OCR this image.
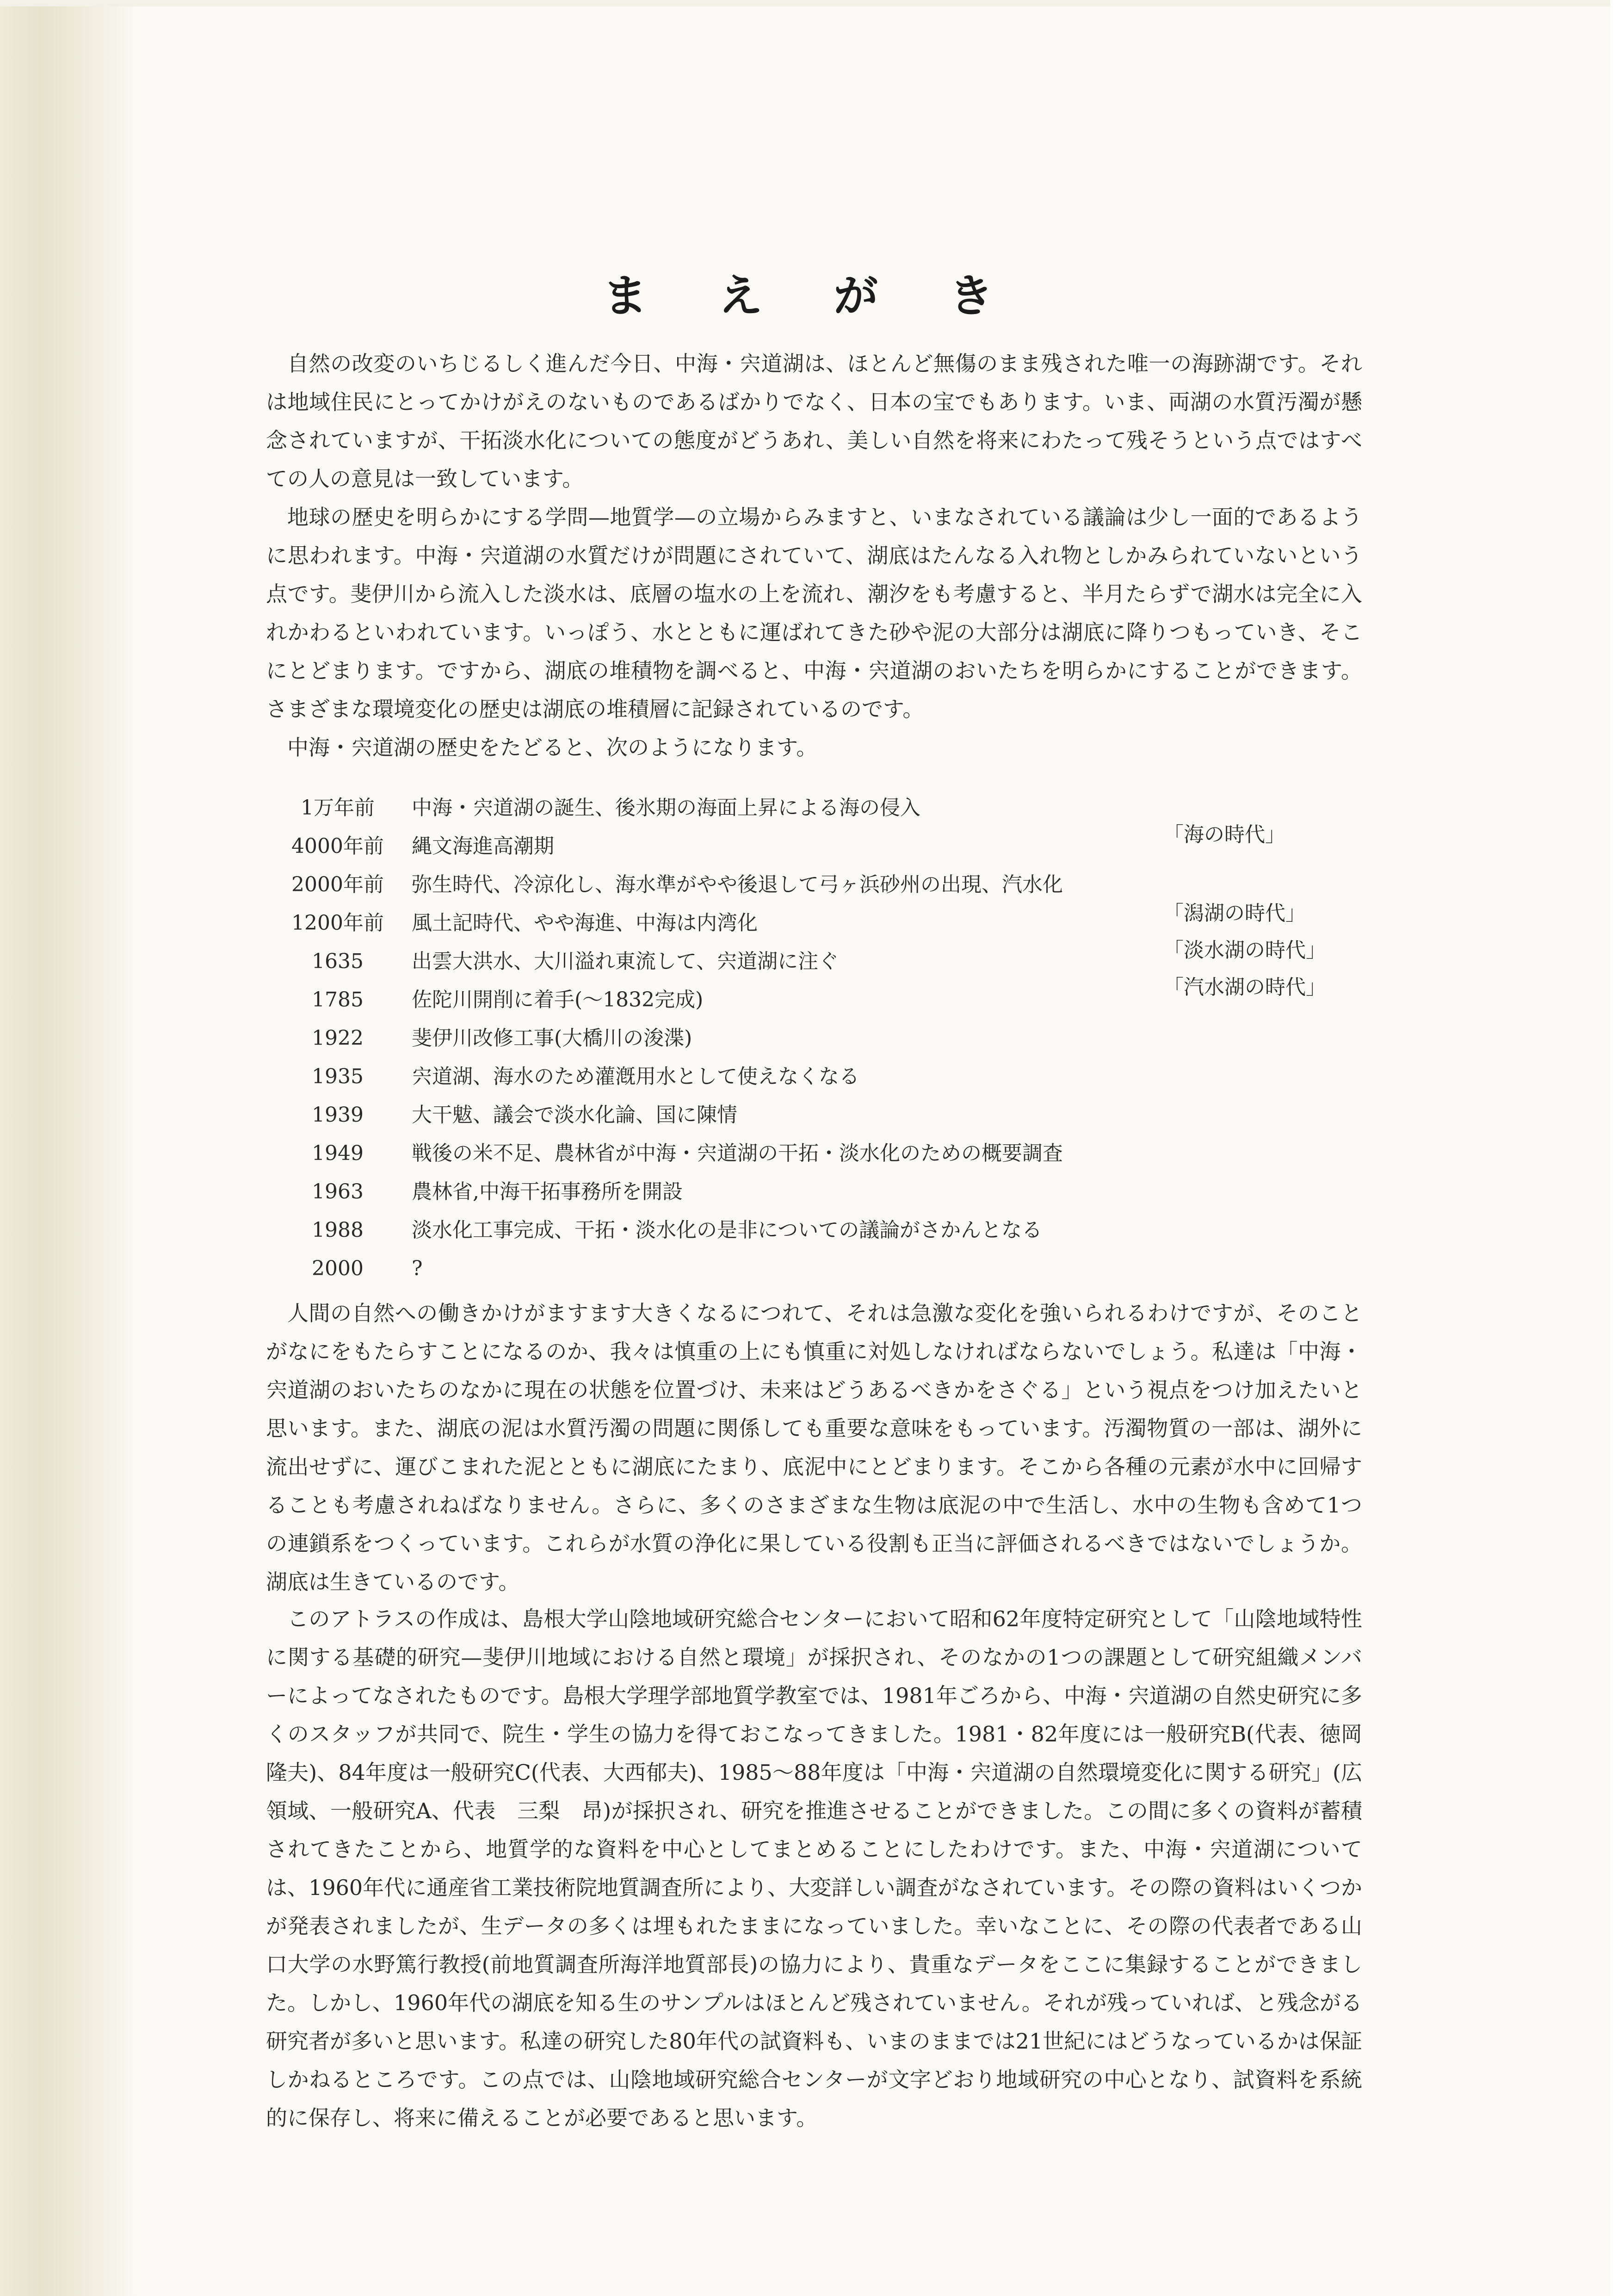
ま え が き

自然の改変のいちじるしく進んだ今日、中海・宍道湖は、ほとんど無傷のまま残された唯一の海跡湖です。それは地域住民にとってかけがえのないものであるばかりでなく、日本の宝でもあります。いま、両湖の水質汚濁が懸念されていますが、干拓淡水化についての態度がどうあれ、美しい自然を将来にわたって残そうという点ではすべての人の意見は一致しています。

地球の歴史を明らかにする学問—地質学—の立場からみますと、いまなされている議論は少し一面的であるように思われます。中海・宍道湖の水質だけが問題にされていて、湖底はたんなる入れ物としかみられていないという点です。斐伊川から流入した淡水は、底層の塩水の上を流れ、潮汐をも考慮すると、半月たらずで湖水は完全に入れかわるといわれています。いっぽう、水とともに運ばれてきた砂や泥の大部分は湖底に降りつもっていき、そこにとどまります。ですから、湖底の堆積物を調べると、中海・宍道湖のおいたちを明らかにすることができます。さまざまな環境変化の歴史は湖底の堆積層に記録されているのです。

中海・宍道湖の歴史をたどると、次のようになります。

1万年前	中海・宍道湖の誕生、後氷期の海面上昇による海の侵入
4000年前	縄文海進高潮期
2000年前	弥生時代、冷涼化し、海水準がやや後退して弓ヶ浜砂州の出現、汽水化
1200年前	風土記時代、やや海進、中海は内湾化
1635	出雲大洪水、大川溢れ東流して、宍道湖に注ぐ
1785	佐陀川開削に着手(〜1832完成)
1922	斐伊川改修工事(大橋川の浚渫)
1935	宍道湖、海水のため灌漑用水として使えなくなる
1939	大干魃、議会で淡水化論、国に陳情
1949	戦後の米不足、農林省が中海・宍道湖の干拓・淡水化のための概要調査
1963	農林省,中海干拓事務所を開設
1988	淡水化工事完成、干拓・淡水化の是非についての議論がさかんとなる
2000	?
「海の時代」
「潟湖の時代」
「淡水湖の時代」
「汽水湖の時代」

人間の自然への働きかけがますます大きくなるにつれて、それは急激な変化を強いられるわけですが、そのことがなにをもたらすことになるのか、我々は慎重の上にも慎重に対処しなければならないでしょう。私達は「中海・宍道湖のおいたちのなかに現在の状態を位置づけ、未来はどうあるべきかをさぐる」という視点をつけ加えたいと思います。また、湖底の泥は水質汚濁の問題に関係しても重要な意味をもっています。汚濁物質の一部は、湖外に流出せずに、運びこまれた泥とともに湖底にたまり、底泥中にとどまります。そこから各種の元素が水中に回帰することも考慮されねばなりません。さらに、多くのさまざまな生物は底泥の中で生活し、水中の生物も含めて1つの連鎖系をつくっています。これらが水質の浄化に果している役割も正当に評価されるべきではないでしょうか。湖底は生きているのです。

このアトラスの作成は、島根大学山陰地域研究総合センターにおいて昭和62年度特定研究として「山陰地域特性に関する基礎的研究—斐伊川地域における自然と環境」が採択され、そのなかの1つの課題として研究組織メンバーによってなされたものです。島根大学理学部地質学教室では、1981年ごろから、中海・宍道湖の自然史研究に多くのスタッフが共同で、院生・学生の協力を得ておこなってきました。1981・82年度には一般研究B(代表、徳岡隆夫)、84年度は一般研究C(代表、大西郁夫)、1985〜88年度は「中海・宍道湖の自然環境変化に関する研究」(広領域、一般研究A、代表　三梨　昂)が採択され、研究を推進させることができました。この間に多くの資料が蓄積されてきたことから、地質学的な資料を中心としてまとめることにしたわけです。また、中海・宍道湖については、1960年代に通産省工業技術院地質調査所により、大変詳しい調査がなされています。その際の資料はいくつかが発表されましたが、生データの多くは埋もれたままになっていました。幸いなことに、その際の代表者である山口大学の水野篤行教授(前地質調査所海洋地質部長)の協力により、貴重なデータをここに集録することができました。しかし、1960年代の湖底を知る生のサンプルはほとんど残されていません。それが残っていれば、と残念がる研究者が多いと思います。私達の研究した80年代の試資料も、いまのままでは21世紀にはどうなっているかは保証しかねるところです。この点では、山陰地域研究総合センターが文字どおり地域研究の中心となり、試資料を系統的に保存し、将来に備えることが必要であると思います。
